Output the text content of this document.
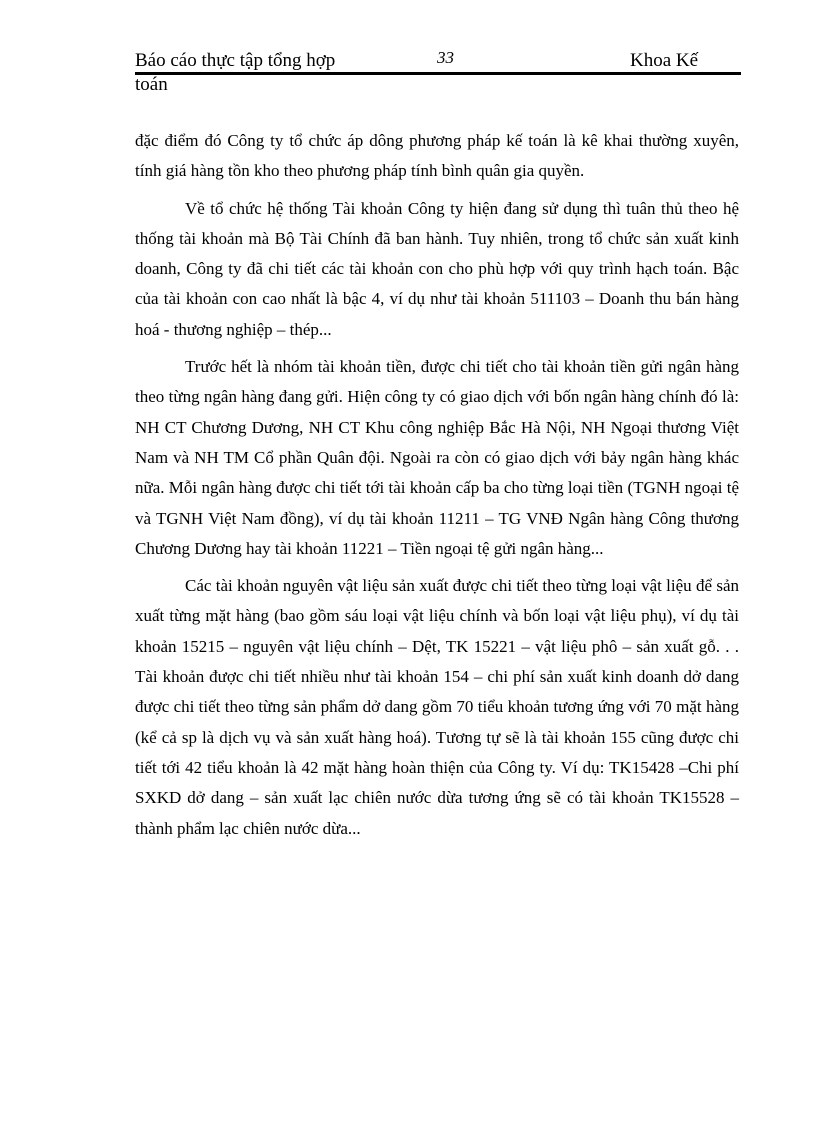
Báo cáo thực tập tổng hợp	33	Khoa Kế
toán

đặc điểm đó Công ty tổ chức áp dông phương pháp kế toán là kê khai thường xuyên, tính giá hàng tồn kho theo phương pháp tính bình quân gia quyền.

Về tổ chức hệ thống Tài khoản Công ty hiện đang sử dụng thì tuân thủ theo hệ thống tài khoản mà Bộ Tài Chính đã ban hành. Tuy nhiên, trong tổ chức sản xuất kinh doanh, Công ty đã chi tiết các tài khoản con cho phù hợp với quy trình hạch toán. Bậc của tài khoản con cao nhất là bậc 4, ví dụ như tài khoản 511103 – Doanh thu bán hàng hoá - thương nghiệp – thép...

Trước hết là nhóm tài khoản tiền, được chi tiết cho tài khoản tiền gửi ngân hàng theo từng ngân hàng đang gửi. Hiện công ty có giao dịch với bốn ngân hàng chính đó là: NH CT Chương Dương, NH CT Khu công nghiệp Bắc Hà Nội, NH Ngoại thương Việt Nam và NH TM Cổ phần Quân đội. Ngoài ra còn có giao dịch với bảy ngân hàng khác nữa. Mỗi ngân hàng được chi tiết tới tài khoản cấp ba cho từng loại tiền (TGNH ngoại tệ và TGNH Việt Nam đồng), ví dụ tài khoản 11211 – TG VNĐ Ngân hàng Công thương Chương Dương hay tài khoản 11221 – Tiền ngoại tệ gửi ngân hàng...

Các tài khoản nguyên vật liệu sản xuất được chi tiết theo từng loại vật liệu để sản xuất từng mặt hàng (bao gồm sáu loại vật liệu chính và bốn loại vật liệu phụ), ví dụ tài khoản 15215 – nguyên vật liệu chính – Dệt, TK 15221 – vật liệu phô – sản xuất gỗ. . . Tài khoản được chi tiết nhiều như tài khoản 154 – chi phí sản xuất kinh doanh dở dang được chi tiết theo từng sản phẩm dở dang gồm 70 tiểu khoản tương ứng với 70 mặt hàng (kể cả sp là dịch vụ và sản xuất hàng hoá). Tương tự sẽ là tài khoản 155 cũng được chi tiết tới 42 tiểu khoản là 42 mặt hàng hoàn thiện của Công ty. Ví dụ: TK15428 –Chi phí SXKD dở dang – sản xuất lạc chiên nước dừa tương ứng sẽ có tài khoản TK15528 – thành phẩm lạc chiên nước dừa...
